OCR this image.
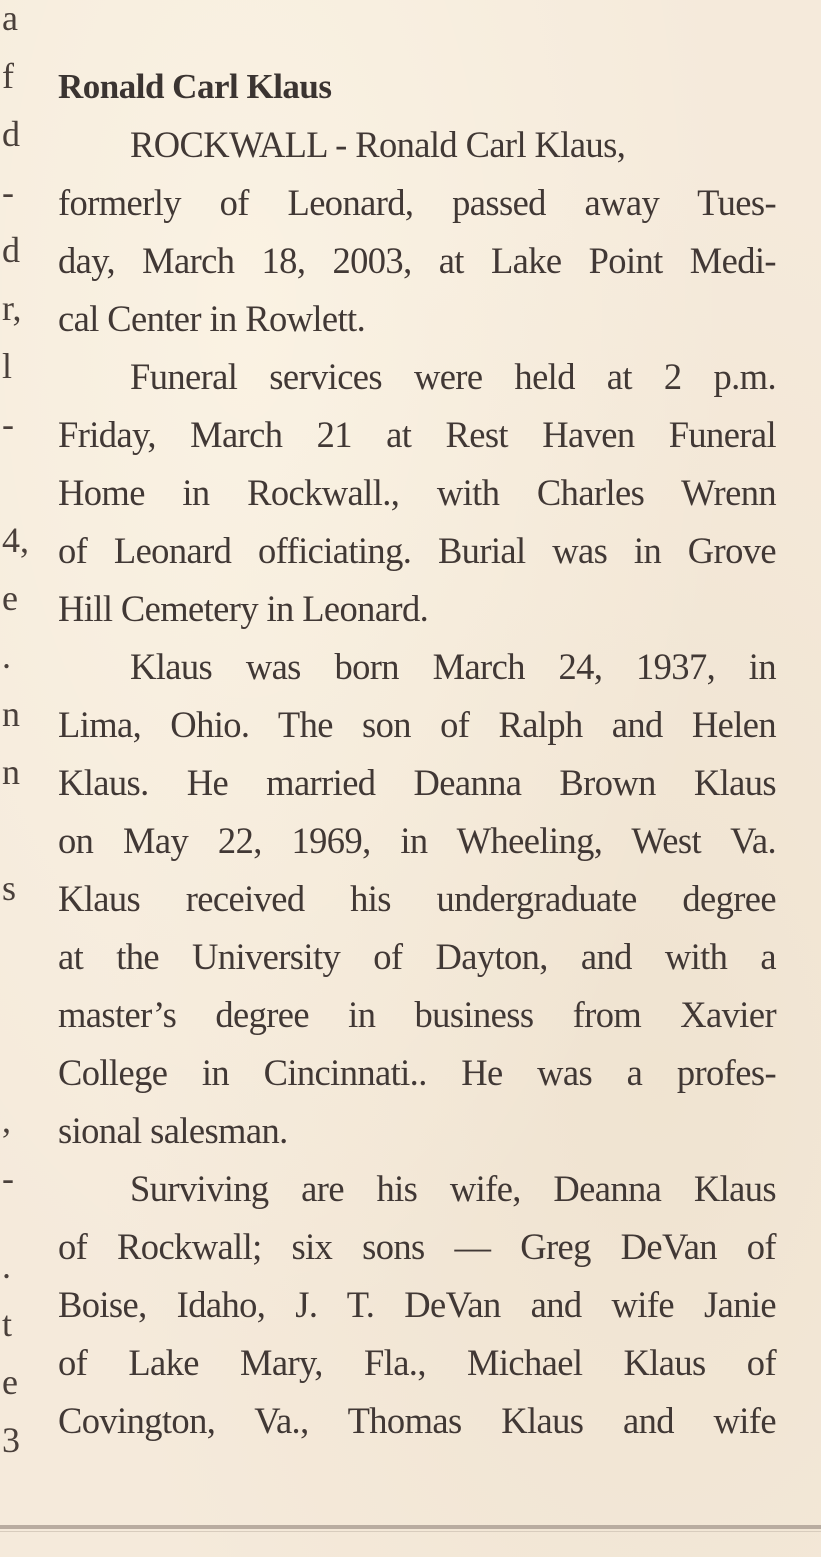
a
f
d
-
d
r,
l
-
4,
e
.
n
n
s
,
-
.
t
e
3
Ronald Carl Klaus
ROCKWALL - Ronald Carl Klaus,
formerly of Leonard, passed away Tues-
day, March 18, 2003, at Lake Point Medi-
cal Center in Rowlett.
Funeral services were held at 2 p.m.
Friday, March 21 at Rest Haven Funeral
Home in Rockwall., with Charles Wrenn
of Leonard officiating. Burial was in Grove
Hill Cemetery in Leonard.
Klaus was born March 24, 1937, in
Lima, Ohio. The son of Ralph and Helen
Klaus. He married Deanna Brown Klaus
on May 22, 1969, in Wheeling, West Va.
Klaus received his undergraduate degree
at the University of Dayton, and with a
master’s degree in business from Xavier
College in Cincinnati.. He was a profes-
sional salesman.
Surviving are his wife, Deanna Klaus
of Rockwall; six sons — Greg DeVan of
Boise, Idaho, J. T. DeVan and wife Janie
of Lake Mary, Fla., Michael Klaus of
Covington, Va., Thomas Klaus and wife
